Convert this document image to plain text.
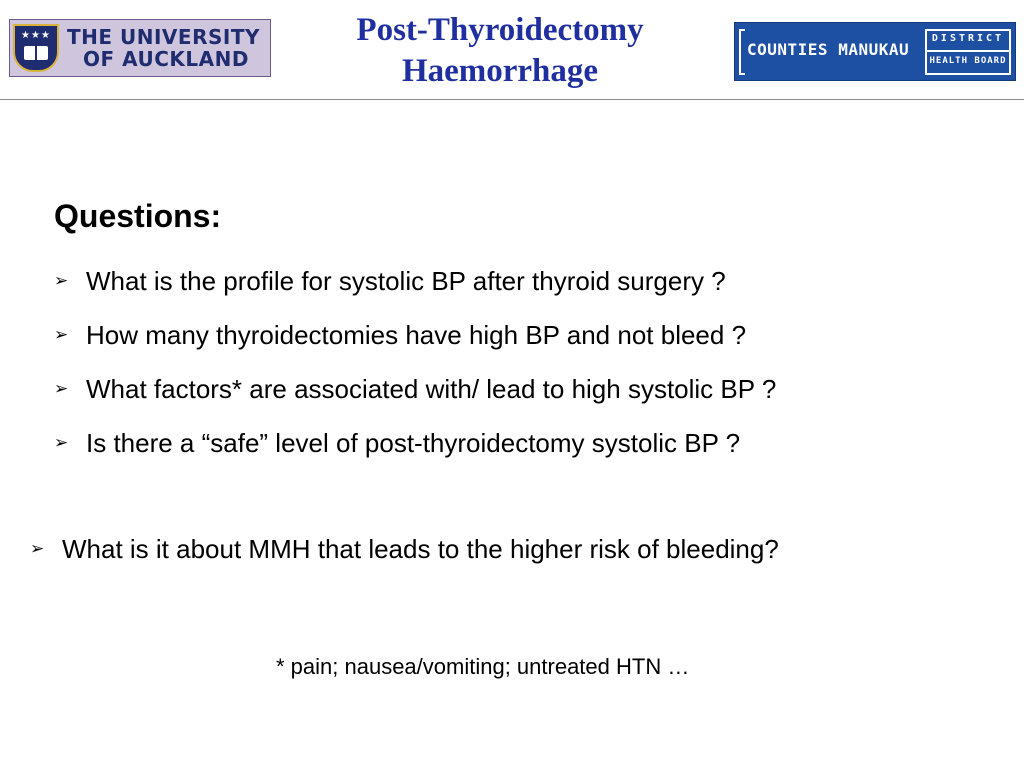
★★★ THE UNIVERSITY
OF AUCKLAND
Post-Thyroidectomy
Haemorrhage
COUNTIES MANUKAU
DISTRICT
HEALTH BOARD
Questions:
➢ What is the profile for systolic BP after thyroid surgery ?
➢ How many thyroidectomies have high BP and not bleed ?
➢ What factors* are associated with/ lead to high systolic BP ?
➢ Is there a “safe” level of post-thyroidectomy systolic BP ?
➢ What is it about MMH that leads to the higher risk of bleeding?
* pain; nausea/vomiting; untreated HTN …
